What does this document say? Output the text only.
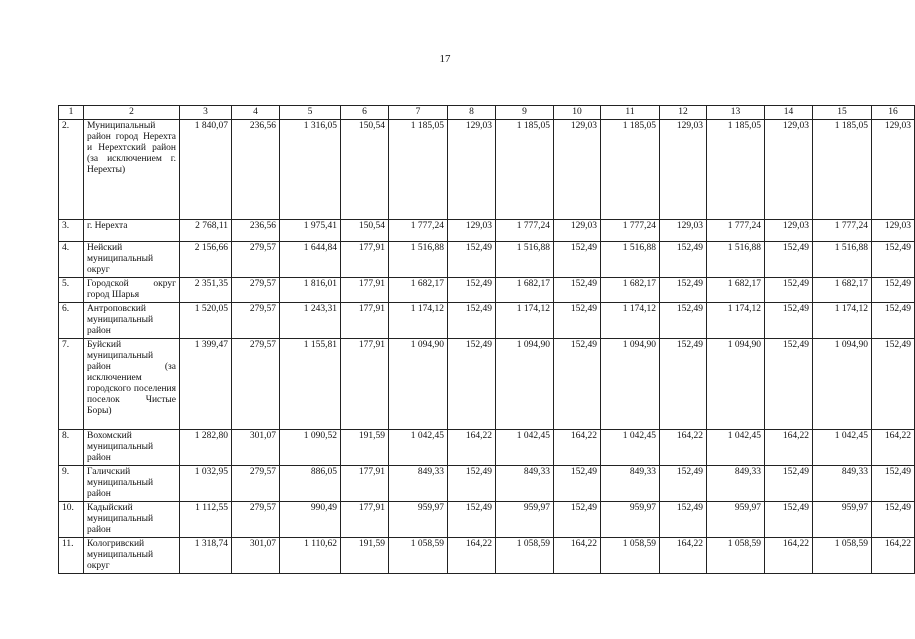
17
1	2	3	4	5	6	7	8	9	10	11	12	13	14	15	16
2.	Муниципальный район город Нерехта и Нерехтский район (за исключением г. Нерехты)	1 840,07	236,56	1 316,05	150,54	1 185,05	129,03	1 185,05	129,03	1 185,05	129,03	1 185,05	129,03	1 185,05	129,03
3.	г. Нерехта	2 768,11	236,56	1 975,41	150,54	1 777,24	129,03	1 777,24	129,03	1 777,24	129,03	1 777,24	129,03	1 777,24	129,03
4.	Нейский муниципальный округ	2 156,66	279,57	1 644,84	177,91	1 516,88	152,49	1 516,88	152,49	1 516,88	152,49	1 516,88	152,49	1 516,88	152,49
5.	Городской округ город Шарья	2 351,35	279,57	1 816,01	177,91	1 682,17	152,49	1 682,17	152,49	1 682,17	152,49	1 682,17	152,49	1 682,17	152,49
6.	Антроповский муниципальный район	1 520,05	279,57	1 243,31	177,91	1 174,12	152,49	1 174,12	152,49	1 174,12	152,49	1 174,12	152,49	1 174,12	152,49
7.	Буйский муниципальный район (за исключением городского поселения поселок Чистые Боры)	1 399,47	279,57	1 155,81	177,91	1 094,90	152,49	1 094,90	152,49	1 094,90	152,49	1 094,90	152,49	1 094,90	152,49
8.	Вохомский муниципальный район	1 282,80	301,07	1 090,52	191,59	1 042,45	164,22	1 042,45	164,22	1 042,45	164,22	1 042,45	164,22	1 042,45	164,22
9.	Галичский муниципальный район	1 032,95	279,57	886,05	177,91	849,33	152,49	849,33	152,49	849,33	152,49	849,33	152,49	849,33	152,49
10.	Кадыйский муниципальный район	1 112,55	279,57	990,49	177,91	959,97	152,49	959,97	152,49	959,97	152,49	959,97	152,49	959,97	152,49
11.	Кологривский муниципальный округ	1 318,74	301,07	1 110,62	191,59	1 058,59	164,22	1 058,59	164,22	1 058,59	164,22	1 058,59	164,22	1 058,59	164,22
